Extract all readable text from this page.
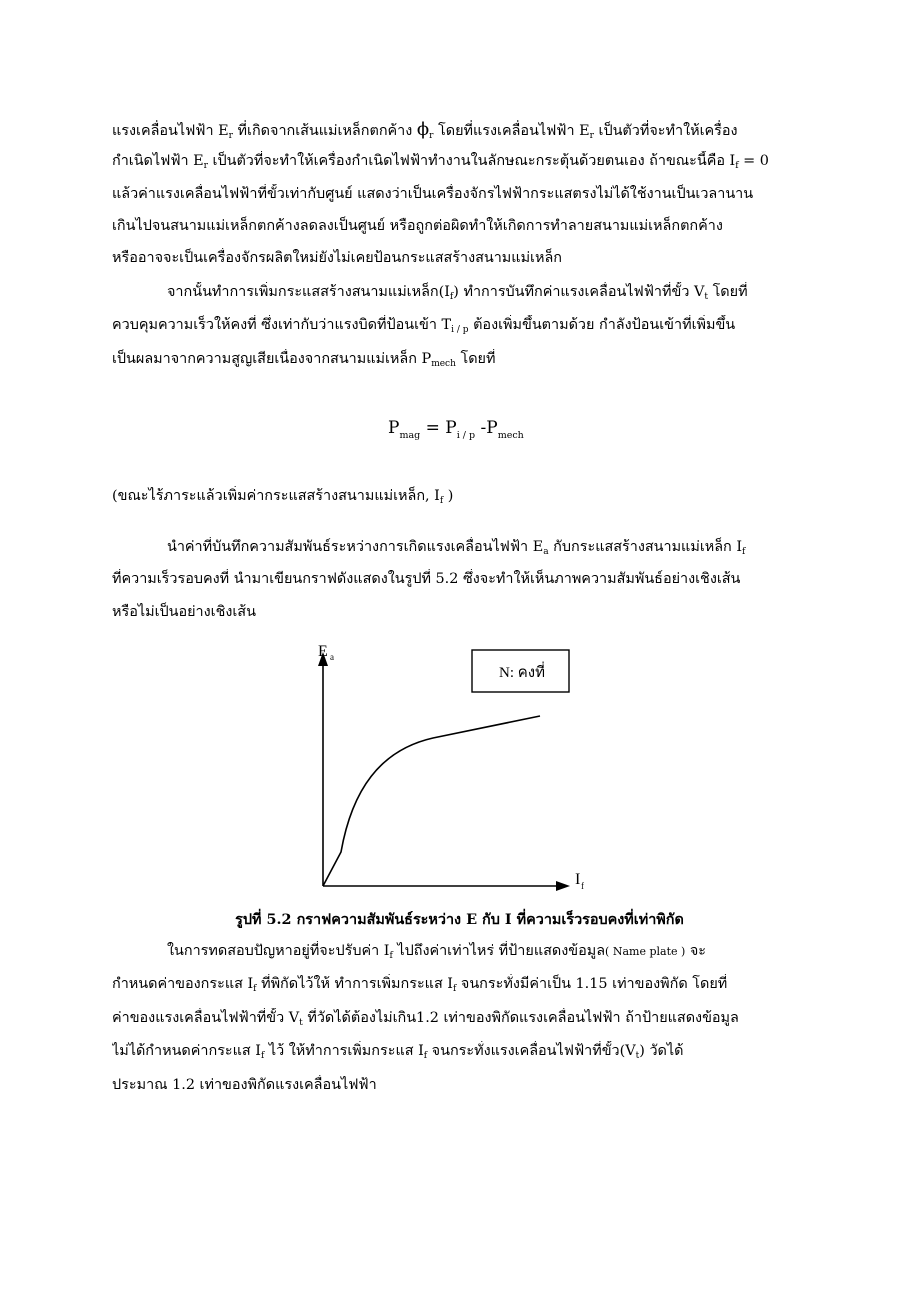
แรงเคลื่อนไฟฟ้า $E_r$ ที่เกิดจากเส้นแม่เหล็กตกค้าง $\phi_r$ โดยที่แรงเคลื่อนไฟฟ้า $E_r$ เป็นตัวที่จะทำให้เครื่อง
กำเนิดไฟฟ้า $E_r$ เป็นตัวที่จะทำให้เครื่องกำเนิดไฟฟ้าทำงานในลักษณะกระตุ้นด้วยตนเอง ถ้าขณะนี้คือ $I_f = 0$
แล้วค่าแรงเคลื่อนไฟฟ้าที่ขั้วเท่ากับศูนย์ แสดงว่าเป็นเครื่องจักรไฟฟ้ากระแสตรงไม่ได้ใช้งานเป็นเวลานาน
เกินไปจนสนามแม่เหล็กตกค้างลดลงเป็นศูนย์ หรือถูกต่อผิดทำให้เกิดการทำลายสนามแม่เหล็กตกค้าง
หรืออาจจะเป็นเครื่องจักรผลิตใหม่ยังไม่เคยป้อนกระแสสร้างสนามแม่เหล็ก
จากนั้นทำการเพิ่มกระแสสร้างสนามแม่เหล็ก$(I_f)$ ทำการบันทึกค่าแรงเคลื่อนไฟฟ้าที่ขั้ว $V_t$ โดยที่
ควบคุมความเร็วให้คงที่ ซึ่งเท่ากับว่าแรงบิดที่ป้อนเข้า $T_{i / p}$ ต้องเพิ่มขึ้นตามด้วย กำลังป้อนเข้าที่เพิ่มขึ้น
เป็นผลมาจากความสูญเสียเนื่องจากสนามแม่เหล็ก $P_{mech}$ โดยที่
$P_{mag} = P_{i / p}$ $-P_{mech}$
(ขณะไร้ภาระแล้วเพิ่มค่ากระแสสร้างสนามแม่เหล็ก, $I_f$ )
นำค่าที่บันทึกความสัมพันธ์ระหว่างการเกิดแรงเคลื่อนไฟฟ้า $E_a$ กับกระแสสร้างสนามแม่เหล็ก $I_f$
ที่ความเร็วรอบคงที่ นำมาเขียนกราฟดังแสดงในรูปที่ 5.2 ซึ่งจะทำให้เห็นภาพความสัมพันธ์อย่างเชิงเส้น
หรือไม่เป็นอย่างเชิงเส้น
N: คงที่
E a
I f
รูปที่ 5.2 กราฟความสัมพันธ์ระหว่าง E กับ I ที่ความเร็วรอบคงที่เท่าพิกัด
ในการทดสอบปัญหาอยู่ที่จะปรับค่า $I_f$ ไปถึงค่าเท่าไหร่ ที่ป้ายแสดงข้อมูล( Name plate ) จะ
กำหนดค่าของกระแส $I_f$ ที่พิกัดไว้ให้ ทำการเพิ่มกระแส $I_f$ จนกระทั่งมีค่าเป็น 1.15 เท่าของพิกัด โดยที่
ค่าของแรงเคลื่อนไฟฟ้าที่ขั้ว $V_t$ ที่วัดได้ต้องไม่เกิน1.2 เท่าของพิกัดแรงเคลื่อนไฟฟ้า ถ้าป้ายแสดงข้อมูล
ไม่ได้กำหนดค่ากระแส $I_f$ ไว้ ให้ทำการเพิ่มกระแส $I_f$ จนกระทั่งแรงเคลื่อนไฟฟ้าที่ขั้ว$(V_t)$ วัดได้
ประมาณ 1.2 เท่าของพิกัดแรงเคลื่อนไฟฟ้า
